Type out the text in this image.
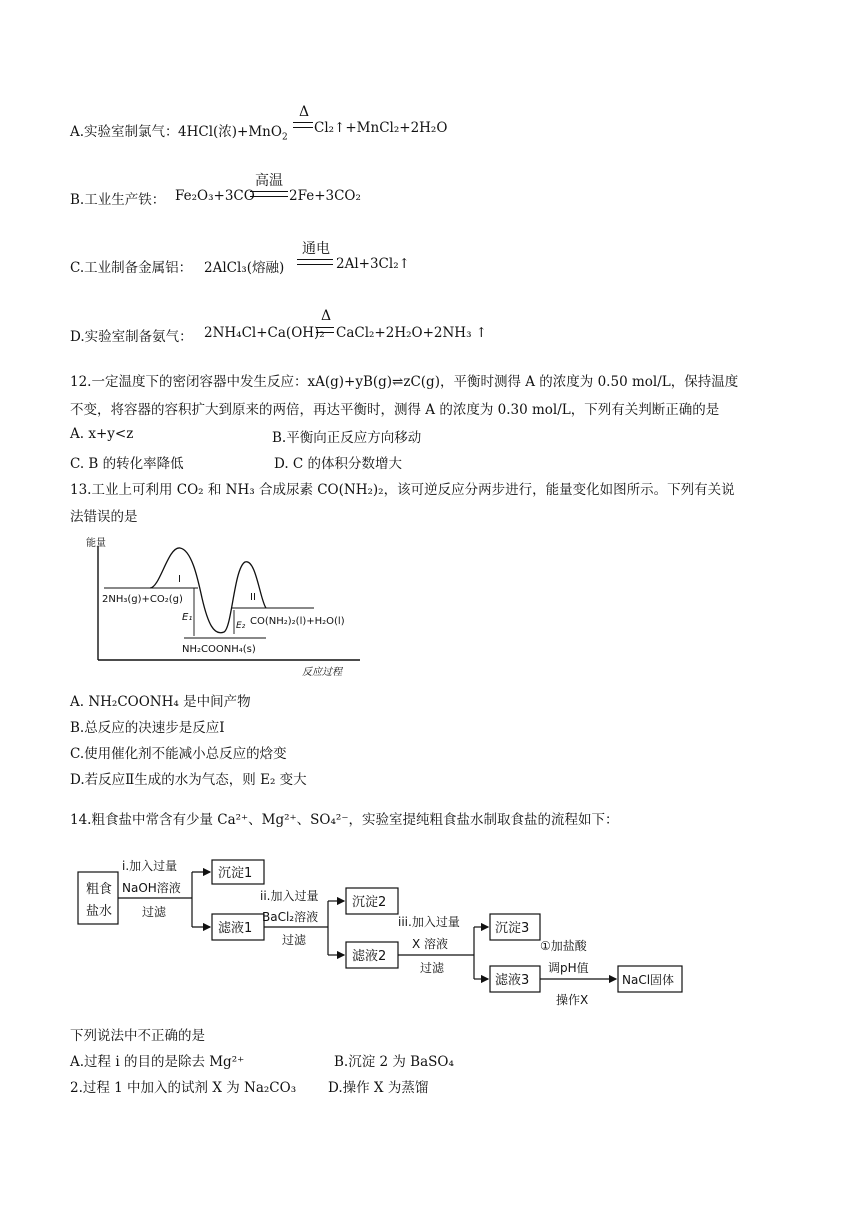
A.实验室制氯气： 4HCl(浓)+MnO$_2$
Δ
Cl₂↑+MnCl₂+2H₂O
B.工业生产铁： Fe₂O₃+3CO
高温
2Fe+3CO₂
C.工业制备金属铝： 2AlCl₃(熔融)
通电
2Al+3Cl₂↑
D.实验室制备氨气： 2NH₄Cl+Ca(OH)₂
Δ
CaCl₂+2H₂O+2NH₃ ↑
12.一定温度下的密闭容器中发生反应：xA(g)+yB(g)⇌zC(g)，平衡时测得 A 的浓度为 0.50 mol/L，保持温度
不变，将容器的容积扩大到原来的两倍，再达平衡时，测得 A 的浓度为 0.30 mol/L，下列有关判断正确的是
A. x+y<z	B.平衡向正反应方向移动
C. B 的转化率降低	D. C 的体积分数增大
13.工业上可利用 CO₂ 和 NH₃ 合成尿素 CO(NH₂)₂，该可逆反应分两步进行，能量变化如图所示。下列有关说
法错误的是
能量
反应过程
I
II
2NH₃(g)+CO₂(g)
E₁
E₂ CO(NH₂)₂(l)+H₂O(l)
NH₂COONH₄(s)
A. NH₂COONH₄ 是中间产物
B.总反应的决速步是反应Ⅰ
C.使用催化剂不能减小总反应的焓变
D.若反应Ⅱ生成的水为气态，则 E₂ 变大
14.粗食盐中常含有少量 Ca²⁺、Mg²⁺、SO₄²⁻，实验室提纯粗食盐水制取食盐的流程如下：
粗食
盐水
沉淀1
滤液1
沉淀2
滤液2
沉淀3
滤液3	NaCl固体
i.加入过量
NaOH溶液
过滤
ii.加入过量
BaCl₂溶液
过滤
iii.加入过量
X 溶液
过滤
①加盐酸
调pH值
操作X
下列说法中不正确的是
A.过程 i 的目的是除去 Mg²⁺	B.沉淀 2 为 BaSO₄
2.过程 1 中加入的试剂 X 为 Na₂CO₃ D.操作 X 为蒸馏
